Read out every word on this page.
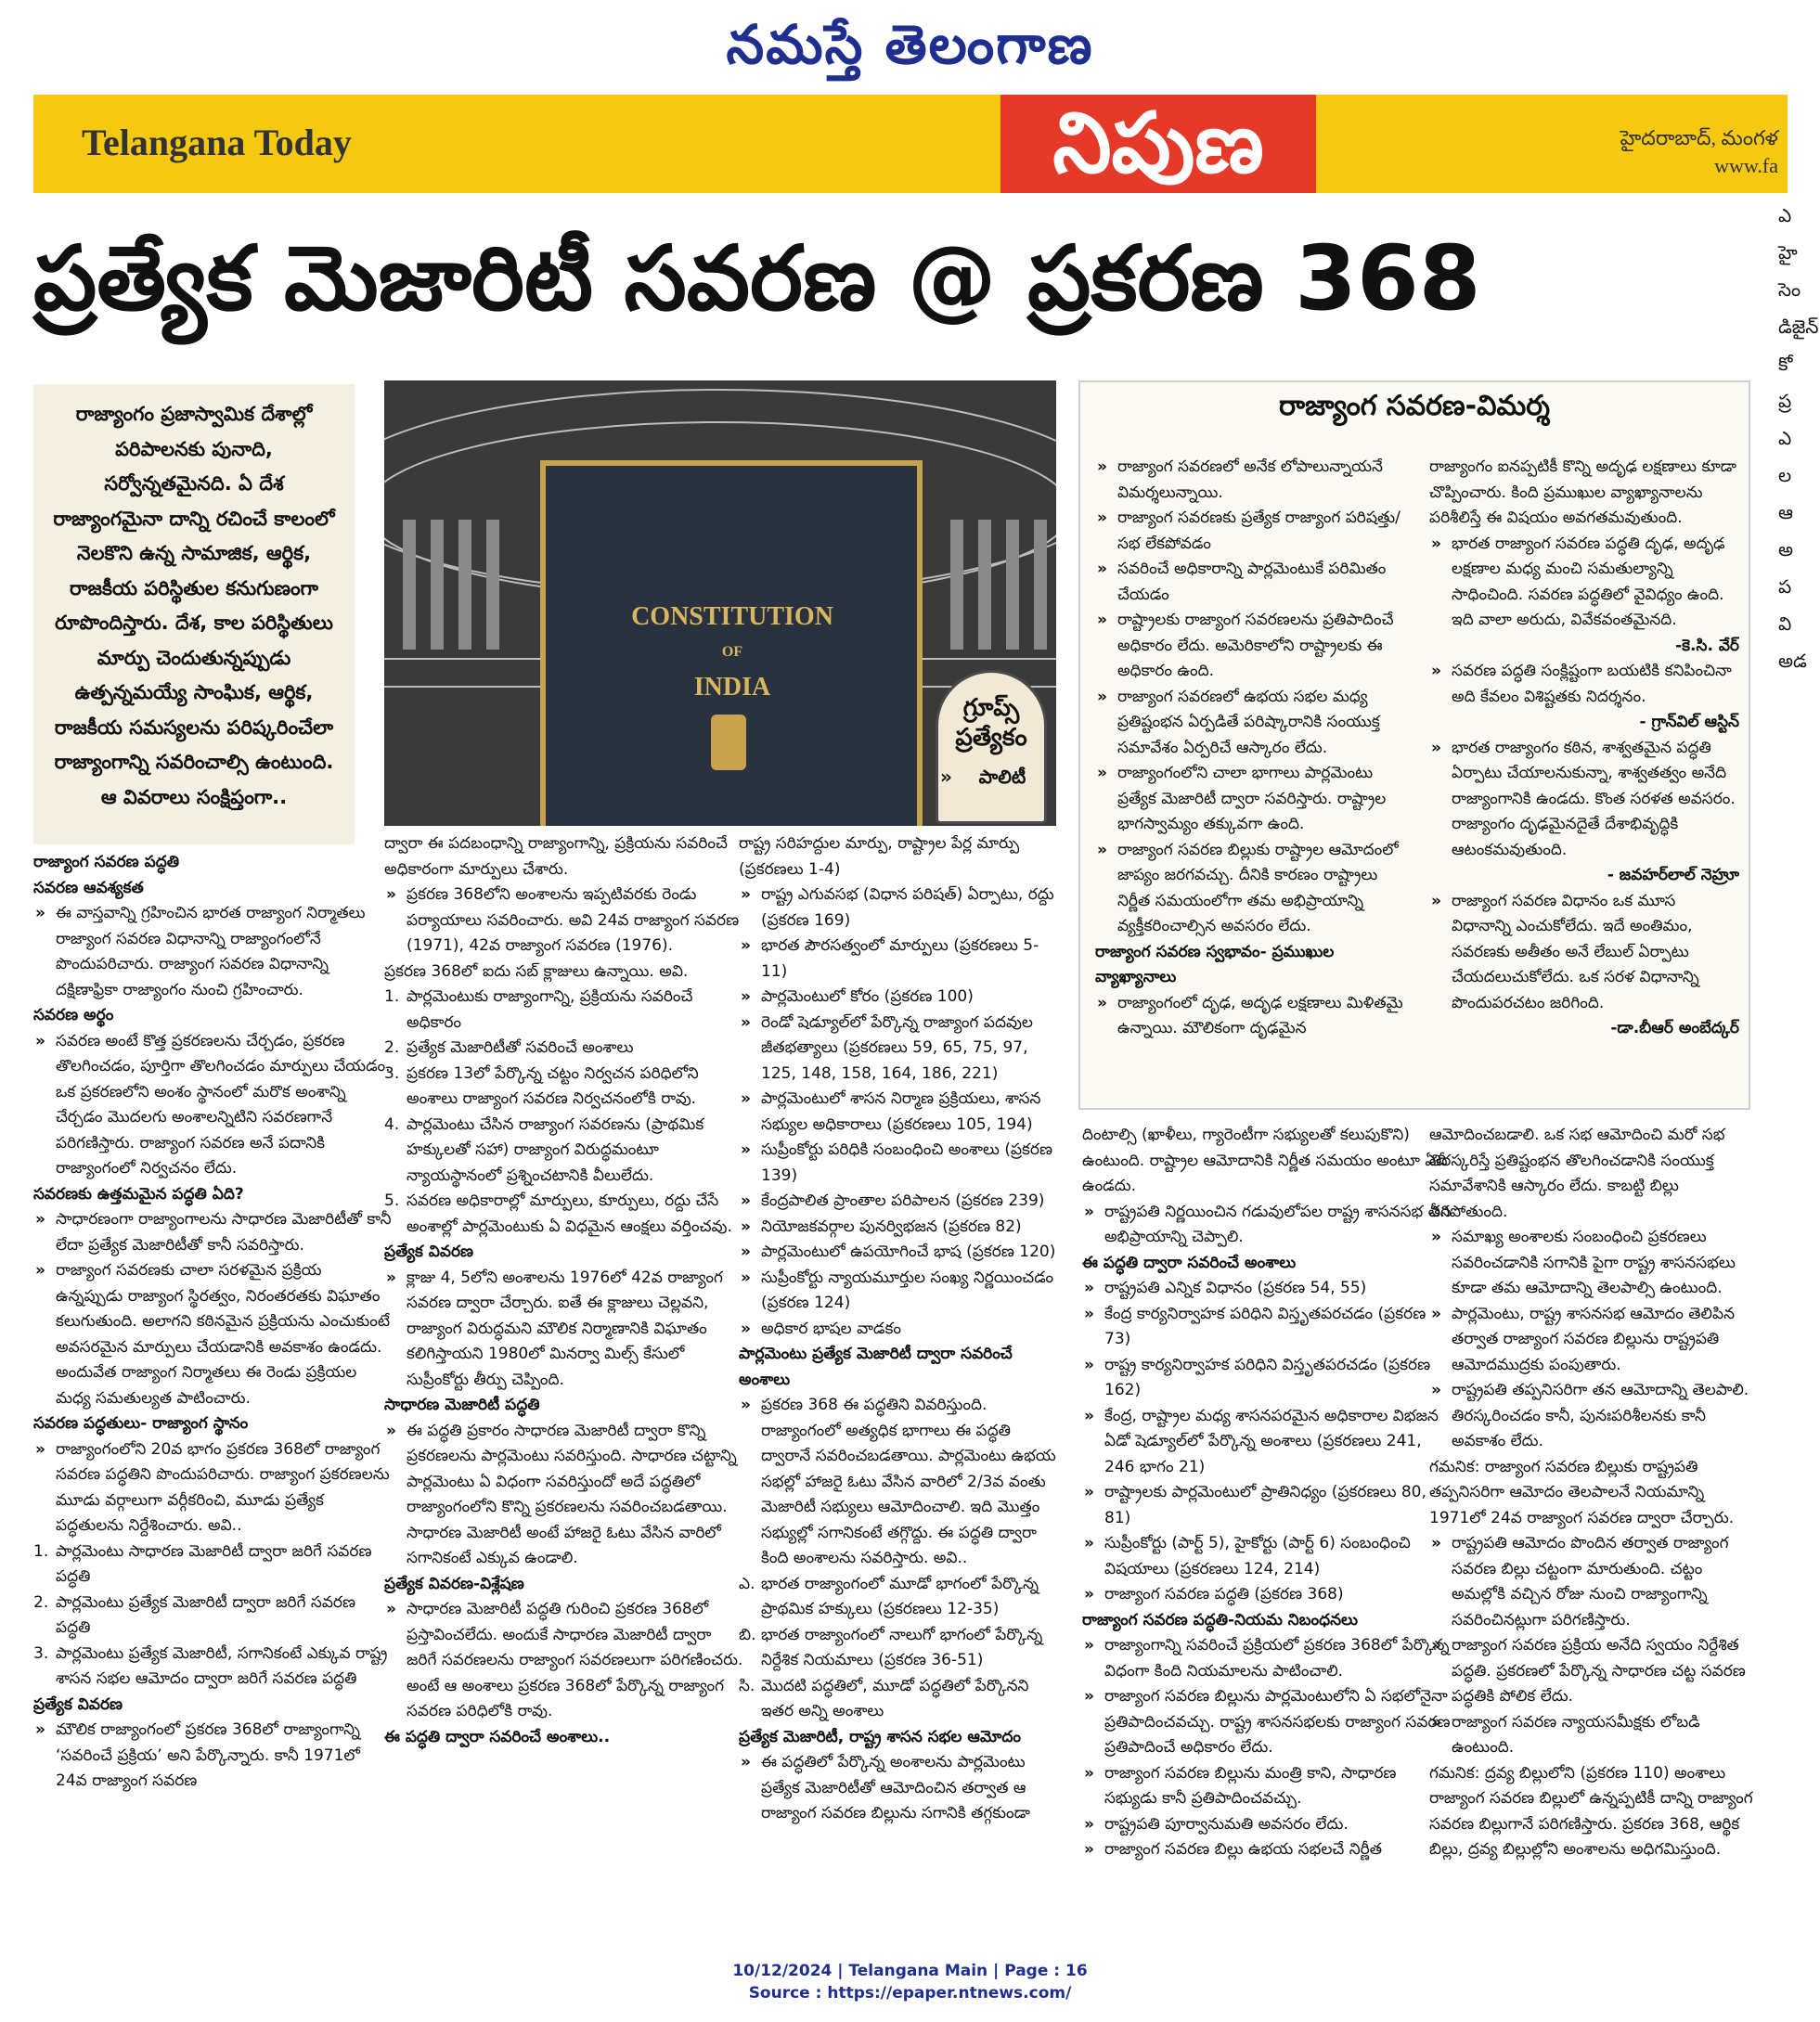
నమస్తే తెలంగాణ
Telangana Today	నిపుణ	హైదరాబాద్, మంగళ
www.fa
ప్రత్యేక మెజారిటీ సవరణ @ ప్రకరణ 368
రాజ్యాంగం ప్రజాస్వామిక దేశాల్లో పరిపాలనకు పునాది, సర్వోన్నతమైనది. ఏ దేశ రాజ్యాంగమైనా దాన్ని రచించే కాలంలో నెలకొని ఉన్న సామాజిక, ఆర్థిక, రాజకీయ పరిస్థితుల కనుగుణంగా రూపొందిస్తారు. దేశ, కాల పరిస్థితులు మార్పు చెందుతున్నప్పుడు ఉత్పన్నమయ్యే సాంఘిక, ఆర్థిక, రాజకీయ సమస్యలను పరిష్కరించేలా రాజ్యాంగాన్ని సవరించాల్సి ఉంటుంది. ఆ వివరాలు సంక్షిప్తంగా..
CONSTITUTION
OF
INDIA
గ్రూప్స్
ప్రత్యేకం
» పాలిటీ
రాజ్యాంగ సవరణ-విమర్శ
రాజ్యాంగ సవరణ పద్ధతి
సవరణ ఆవశ్యకత
» ఈ వాస్తవాన్ని గ్రహించిన భారత రాజ్యాంగ నిర్మాతలు రాజ్యాంగ సవరణ విధానాన్ని రాజ్యాంగంలోనే పొందుపరిచారు. రాజ్యాంగ సవరణ విధానాన్ని దక్షిణాఫ్రికా రాజ్యాంగం నుంచి గ్రహించారు.
సవరణ అర్థం
» సవరణ అంటే కొత్త ప్రకరణలను చేర్చడం, ప్రకరణ తొలగించడం, పూర్తిగా తొలగించడం మార్పులు చేయడం. ఒక ప్రకరణలోని అంశం స్థానంలో మరొక అంశాన్ని చేర్చడం మొదలగు అంశాలన్నిటిని సవరణగానే పరిగణిస్తారు. రాజ్యాంగ సవరణ అనే పదానికి రాజ్యాంగంలో నిర్వచనం లేదు.
సవరణకు ఉత్తమమైన పద్ధతి ఏది?
» సాధారణంగా రాజ్యాంగాలను సాధారణ మెజారిటీతో కానీ లేదా ప్రత్యేక మెజారిటీతో కానీ సవరిస్తారు.
» రాజ్యాంగ సవరణకు చాలా సరళమైన ప్రక్రియ ఉన్నప్పుడు రాజ్యాంగ స్థిరత్వం, నిరంతరతకు విఘాతం కలుగుతుంది. అలాగని కఠినమైన ప్రక్రియను ఎంచుకుంటే అవసరమైన మార్పులు చేయడానికి అవకాశం ఉండదు. అందువేత రాజ్యాంగ నిర్మాతలు ఈ రెండు ప్రక్రియల మధ్య సమతుల్యత పాటించారు.
సవరణ పద్ధతులు- రాజ్యాంగ స్థానం
» రాజ్యాంగంలోని 20వ భాగం ప్రకరణ 368లో రాజ్యాంగ సవరణ పద్ధతిని పొందుపరిచారు. రాజ్యాంగ ప్రకరణలను మూడు వర్గాలుగా వర్గీకరించి, మూడు ప్రత్యేక పద్ధతులను నిర్దేశించారు. అవి..
1. పార్లమెంటు సాధారణ మెజారిటీ ద్వారా జరిగే సవరణ పద్ధతి
2. పార్లమెంటు ప్రత్యేక మెజారిటీ ద్వారా జరిగే సవరణ పద్ధతి
3. పార్లమెంటు ప్రత్యేక మెజారిటీ, సగానికంటే ఎక్కువ రాష్ట్ర శాసన సభల ఆమోదం ద్వారా జరిగే సవరణ పద్ధతి
ప్రత్యేక వివరణ
» మౌలిక రాజ్యాంగంలో ప్రకరణ 368లో రాజ్యాంగాన్ని ‘సవరించే ప్రక్రియ’ అని పేర్కొన్నారు. కానీ 1971లో 24వ రాజ్యాంగ సవరణ
ద్వారా ఈ పదబంధాన్ని రాజ్యాంగాన్ని, ప్రక్రియను సవరించే అధికారంగా మార్పులు చేశారు.
» ప్రకరణ 368లోని అంశాలను ఇప్పటివరకు రెండు పర్యాయాలు సవరించారు. అవి 24వ రాజ్యాంగ సవరణ (1971), 42వ రాజ్యాంగ సవరణ (1976).
ప్రకరణ 368లో ఐదు సబ్ క్లాజులు ఉన్నాయి. అవి.
1. పార్లమెంటుకు రాజ్యాంగాన్ని, ప్రక్రియను సవరించే అధికారం
2. ప్రత్యేక మెజారిటీతో సవరించే అంశాలు
3. ప్రకరణ 13లో పేర్కొన్న చట్టం నిర్వచన పరిధిలోని అంశాలు రాజ్యాంగ సవరణ నిర్వచనంలోకి రావు.
4. పార్లమెంటు చేసిన రాజ్యాంగ సవరణను (ప్రాథమిక హక్కులతో సహా) రాజ్యాంగ విరుద్ధమంటూ న్యాయస్థానంలో ప్రశ్నించటానికి వీలులేదు.
5. సవరణ అధికారాల్లో మార్పులు, కూర్పులు, రద్దు చేసే అంశాల్లో పార్లమెంటుకు ఏ విధమైన ఆంక్షలు వర్తించవు.
ప్రత్యేక వివరణ
» క్లాజు 4, 5లోని అంశాలను 1976లో 42వ రాజ్యాంగ సవరణ ద్వారా చేర్చారు. ఐతే ఈ క్లాజులు చెల్లవని, రాజ్యాంగ విరుద్ధమని మౌలిక నిర్మాణానికి విఘాతం కలిగిస్తాయని 1980లో మినర్వా మిల్స్ కేసులో సుప్రీంకోర్టు తీర్పు చెప్పింది.
సాధారణ మెజారిటీ పద్ధతి
» ఈ పద్ధతి ప్రకారం సాధారణ మెజారిటీ ద్వారా కొన్ని ప్రకరణలను పార్లమెంటు సవరిస్తుంది. సాధారణ చట్టాన్ని పార్లమెంటు ఏ విధంగా సవరిస్తుందో అదే పద్ధతిలో రాజ్యాంగంలోని కొన్ని ప్రకరణలను సవరించబడతాయి. సాధారణ మెజారిటీ అంటే హాజరై ఓటు వేసిన వారిలో సగానికంటే ఎక్కువ ఉండాలి.
ప్రత్యేక వివరణ-విశ్లేషణ
» సాధారణ మెజారిటీ పద్ధతి గురించి ప్రకరణ 368లో ప్రస్తావించలేదు. అందుకే సాధారణ మెజారిటీ ద్వారా జరిగే సవరణలను రాజ్యాంగ సవరణలుగా పరిగణించరు. అంటే ఆ అంశాలు ప్రకరణ 368లో పేర్కొన్న రాజ్యాంగ సవరణ పరిధిలోకి రావు.
ఈ పద్ధతి ద్వారా సవరించే అంశాలు..
రాష్ట్ర సరిహద్దుల మార్పు, రాష్ట్రాల పేర్ల మార్పు (ప్రకరణలు 1-4)
» రాష్ట్ర ఎగువసభ (విధాన పరిషత్) ఏర్పాటు, రద్దు (ప్రకరణ 169)
» భారత పౌరసత్వంలో మార్పులు (ప్రకరణలు 5-11)
» పార్లమెంటులో కోరం (ప్రకరణ 100)
» రెండో షెడ్యూల్‌లో పేర్కొన్న రాజ్యాంగ పదవుల జీతభత్యాలు (ప్రకరణలు 59, 65, 75, 97, 125, 148, 158, 164, 186, 221)
» పార్లమెంటులో శాసన నిర్మాణ ప్రక్రియలు, శాసన సభ్యుల అధికారాలు (ప్రకరణలు 105, 194)
» సుప్రీంకోర్టు పరిధికి సంబంధించి అంశాలు (ప్రకరణ 139)
» కేంద్రపాలిత ప్రాంతాల పరిపాలన (ప్రకరణ 239)
» నియోజకవర్గాల పునర్విభజన (ప్రకరణ 82)
» పార్లమెంటులో ఉపయోగించే భాష (ప్రకరణ 120)
» సుప్రీంకోర్టు న్యాయమూర్తుల సంఖ్య నిర్ణయించడం (ప్రకరణ 124)
» అధికార భాషల వాడకం
పార్లమెంటు ప్రత్యేక మెజారిటీ ద్వారా సవరించే అంశాలు
» ప్రకరణ 368 ఈ పద్ధతిని వివరిస్తుంది. రాజ్యాంగంలో అత్యధిక భాగాలు ఈ పద్ధతి ద్వారానే సవరించబడతాయి. పార్లమెంటు ఉభయ సభల్లో హాజరై ఓటు వేసిన వారిలో 2/3వ వంతు మెజారిటీ సభ్యులు ఆమోదించాలి. ఇది మొత్తం సభ్యుల్లో సగానికంటే తగ్గొద్దు. ఈ పద్ధతి ద్వారా కింది అంశాలను సవరిస్తారు. అవి..
ఎ. భారత రాజ్యాంగంలో మూడో భాగంలో పేర్కొన్న ప్రాథమిక హక్కులు (ప్రకరణలు 12-35)
బి. భారత రాజ్యాంగంలో నాలుగో భాగంలో పేర్కొన్న నిర్దేశిక నియమాలు (ప్రకరణ 36-51)
సి. మొదటి పద్ధతిలో, మూడో పద్ధతిలో పేర్కొనని ఇతర అన్ని అంశాలు
ప్రత్యేక మెజారిటీ, రాష్ట్ర శాసన సభల ఆమోదం
» ఈ పద్ధతిలో పేర్కొన్న అంశాలను పార్లమెంటు ప్రత్యేక మెజారిటీతో ఆమోదించిన తర్వాత ఆ రాజ్యాంగ సవరణ బిల్లును సగానికి తగ్గకుండా
» రాజ్యాంగ సవరణలో అనేక లోపాలున్నాయనే విమర్శలున్నాయి.
» రాజ్యాంగ సవరణకు ప్రత్యేక రాజ్యాంగ పరిషత్తు/సభ లేకపోవడం
» సవరించే అధికారాన్ని పార్లమెంటుకే పరిమితం చేయడం
» రాష్ట్రాలకు రాజ్యాంగ సవరణలను ప్రతిపాదించే అధికారం లేదు. అమెరికాలోని రాష్ట్రాలకు ఈ అధికారం ఉంది.
» రాజ్యాంగ సవరణలో ఉభయ సభల మధ్య ప్రతిష్టంభన ఏర్పడితే పరిష్కారానికి సంయుక్త సమావేశం ఏర్పరిచే ఆస్కారం లేదు.
» రాజ్యాంగంలోని చాలా భాగాలు పార్లమెంటు ప్రత్యేక మెజారిటీ ద్వారా సవరిస్తారు. రాష్ట్రాల భాగస్వామ్యం తక్కువగా ఉంది.
» రాజ్యాంగ సవరణ బిల్లుకు రాష్ట్రాల ఆమోదంలో జాప్యం జరగవచ్చు. దీనికి కారణం రాష్ట్రాలు నిర్ణీత సమయంలోగా తమ అభిప్రాయాన్ని వ్యక్తీకరించాల్సిన అవసరం లేదు.
రాజ్యాంగ సవరణ స్వభావం- ప్రముఖుల వ్యాఖ్యానాలు
» రాజ్యాంగంలో దృఢ, అదృఢ లక్షణాలు మిళితమై ఉన్నాయి. మౌలికంగా దృఢమైన
రాజ్యాంగం ఐనప్పటికీ కొన్ని అదృఢ లక్షణాలు కూడా చొప్పించారు. కింది ప్రముఖుల వ్యాఖ్యానాలను పరిశీలిస్తే ఈ విషయం అవగతమవుతుంది.
» భారత రాజ్యాంగ సవరణ పద్ధతి దృఢ, అదృఢ లక్షణాల మధ్య మంచి సమతుల్యాన్ని సాధించింది. సవరణ పద్ధతిలో వైవిధ్యం ఉంది. ఇది వాలా అరుదు, వివేకవంతమైనది.
-కె.సి. వేర్
» సవరణ పద్ధతి సంక్లిష్టంగా బయటికి కనిపించినా అది కేవలం విశిష్టతకు నిదర్శనం.
- గ్రాన్‌విల్ ఆస్టిన్
» భారత రాజ్యాంగం కఠిన, శాశ్వతమైన పద్ధతి ఏర్పాటు చేయాలనుకున్నా, శాశ్వతత్వం అనేది రాజ్యాంగానికి ఉండదు. కొంత సరళత అవసరం. రాజ్యాంగం దృఢమైనదైతే దేశాభివృద్ధికి ఆటంకమవుతుంది.
- జవహర్‌లాల్ నెహ్రూ
» రాజ్యాంగ సవరణ విధానం ఒక మూస విధానాన్ని ఎంచుకోలేదు. ఇదే అంతిమం, సవరణకు అతీతం అనే లేబుల్ ఏర్పాటు చేయదలుచుకోలేదు. ఒక సరళ విధానాన్ని పొందుపరచటం జరిగింది.
-డా.బీఆర్ అంబేద్కర్
దింటాల్సి (ఖాళీలు, గ్యారెంటీగా సభ్యులతో కలుపుకొని) ఉంటుంది. రాష్ట్రాల ఆమోదానికి నిర్ణీత సమయం అంటూ ఏదీ ఉండదు.
» రాష్ట్రపతి నిర్ణయించిన గడువులోపల రాష్ట్ర శాసనసభ తన అభిప్రాయాన్ని చెప్పాలి.
ఈ పద్ధతి ద్వారా సవరించే అంశాలు
» రాష్ట్రపతి ఎన్నిక విధానం (ప్రకరణ 54, 55)
» కేంద్ర కార్యనిర్వాహక పరిధిని విస్తృతపరచడం (ప్రకరణ 73)
» రాష్ట్ర కార్యనిర్వాహక పరిధిని విస్తృతపరచడం (ప్రకరణ 162)
» కేంద్ర, రాష్ట్రాల మధ్య శాసనపరమైన అధికారాల విభజన ఏడో షెడ్యూల్‌లో పేర్కొన్న అంశాలు (ప్రకరణలు 241, 246 భాగం 21)
» రాష్ట్రాలకు పార్లమెంటులో ప్రాతినిధ్యం (ప్రకరణలు 80, 81)
» సుప్రీంకోర్టు (పార్ట్ 5), హైకోర్టు (పార్ట్ 6) సంబంధించి విషయాలు (ప్రకరణలు 124, 214)
» రాజ్యాంగ సవరణ పద్ధతి (ప్రకరణ 368)
రాజ్యాంగ సవరణ పద్ధతి-నియమ నిబంధనలు
» రాజ్యాంగాన్ని సవరించే ప్రక్రియలో ప్రకరణ 368లో పేర్కొన్న విధంగా కింది నియమాలను పాటించాలి.
» రాజ్యాంగ సవరణ బిల్లును పార్లమెంటులోని ఏ సభలోనైనా ప్రతిపాదించవచ్చు. రాష్ట్ర శాసనసభలకు రాజ్యాంగ సవరణ ప్రతిపాదించే అధికారం లేదు.
» రాజ్యాంగ సవరణ బిల్లును మంత్రి కాని, సాధారణ సభ్యుడు కానీ ప్రతిపాదించవచ్చు.
» రాష్ట్రపతి పూర్వానుమతి అవసరం లేదు.
» రాజ్యాంగ సవరణ బిల్లు ఉభయ సభలచే నిర్ణీత
ఆమోదించబడాలి. ఒక సభ ఆమోదించి మరో సభ తిరస్కరిస్తే ప్రతిష్టంభన తొలగించడానికి సంయుక్త సమావేశానికి ఆస్కారం లేదు. కాబట్టి బిల్లు వీగిపోతుంది.
» సమాఖ్య అంశాలకు సంబంధించి ప్రకరణలు సవరించడానికి సగానికి పైగా రాష్ట్ర శాసనసభలు కూడా తమ ఆమోదాన్ని తెలపాల్సి ఉంటుంది.
» పార్లమెంటు, రాష్ట్ర శాసనసభ ఆమోదం తెలిపిన తర్వాత రాజ్యాంగ సవరణ బిల్లును రాష్ట్రపతి ఆమోదముద్రకు పంపుతారు.
» రాష్ట్రపతి తప్పనిసరిగా తన ఆమోదాన్ని తెలపాలి. తిరస్కరించడం కానీ, పునఃపరిశీలనకు కానీ అవకాశం లేదు.
గమనిక: రాజ్యాంగ సవరణ బిల్లుకు రాష్ట్రపతి తప్పనిసరిగా ఆమోదం తెలపాలనే నియమాన్ని 1971లో 24వ రాజ్యాంగ సవరణ ద్వారా చేర్చారు.
» రాష్ట్రపతి ఆమోదం పొందిన తర్వాత రాజ్యాంగ సవరణ బిల్లు చట్టంగా మారుతుంది. చట్టం అమల్లోకి వచ్చిన రోజు నుంచి రాజ్యాంగాన్ని సవరించినట్లుగా పరిగణిస్తారు.
» రాజ్యాంగ సవరణ ప్రక్రియ అనేది స్వయం నిర్దేశిత పద్ధతి. ప్రకరణలో పేర్కొన్న సాధారణ చట్ట సవరణ పద్ధతికి పోలిక లేదు.
» రాజ్యాంగ సవరణ న్యాయసమీక్షకు లోబడి ఉంటుంది.
గమనిక: ద్రవ్య బిల్లులోని (ప్రకరణ 110) అంశాలు రాజ్యాంగ సవరణ బిల్లులో ఉన్నప్పటికీ దాన్ని రాజ్యాంగ సవరణ బిల్లుగానే పరిగణిస్తారు. ప్రకరణ 368, ఆర్థిక బిల్లు, ద్రవ్య బిల్లుల్లోని అంశాలను అధిగమిస్తుంది.
ఎ
హై
సెం
డిజైన్
కో
ప్ర
ఎ
ల
ఆ
అ
ప
వి
అడ
10/12/2024 | Telangana Main | Page : 16
Source : https://epaper.ntnews.com/
